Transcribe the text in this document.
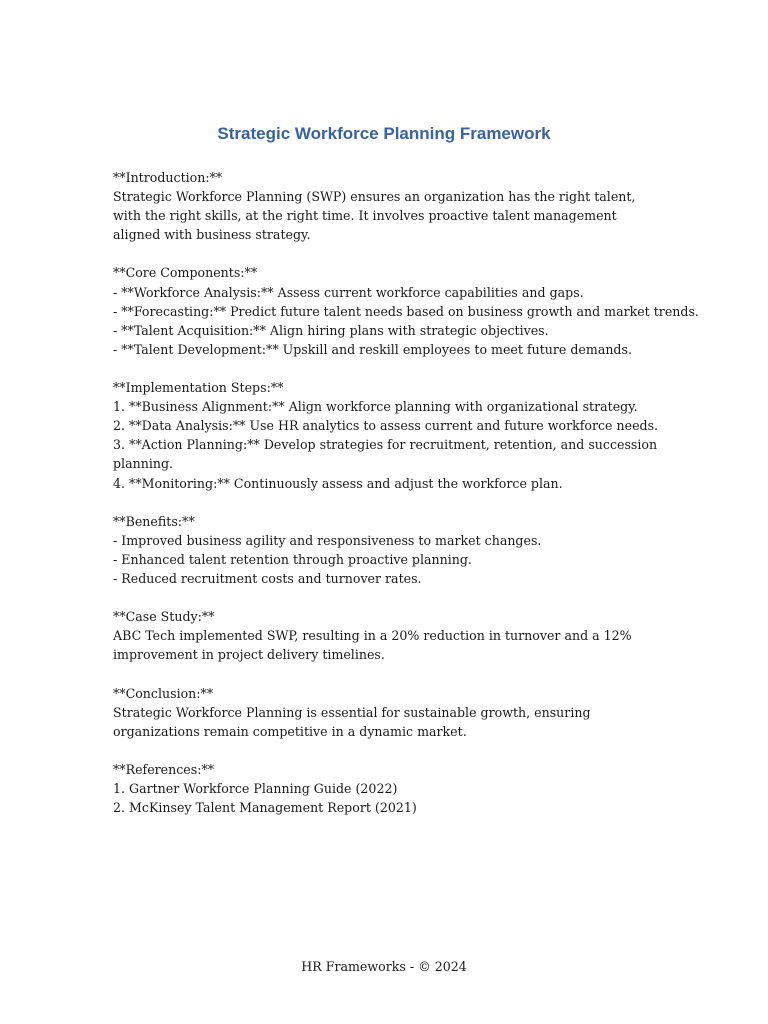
Strategic Workforce Planning Framework
**Introduction:**
Strategic Workforce Planning (SWP) ensures an organization has the right talent, with the right skills, at the right time. It involves proactive talent management aligned with business strategy.
**Core Components:**
- **Workforce Analysis:** Assess current workforce capabilities and gaps.
- **Forecasting:** Predict future talent needs based on business growth and market trends.
- **Talent Acquisition:** Align hiring plans with strategic objectives.
- **Talent Development:** Upskill and reskill employees to meet future demands.
**Implementation Steps:**
1. **Business Alignment:** Align workforce planning with organizational strategy.
2. **Data Analysis:** Use HR analytics to assess current and future workforce needs.
3. **Action Planning:** Develop strategies for recruitment, retention, and succession planning.
4. **Monitoring:** Continuously assess and adjust the workforce plan.
**Benefits:**
- Improved business agility and responsiveness to market changes.
- Enhanced talent retention through proactive planning.
- Reduced recruitment costs and turnover rates.
**Case Study:**
ABC Tech implemented SWP, resulting in a 20% reduction in turnover and a 12% improvement in project delivery timelines.
**Conclusion:**
Strategic Workforce Planning is essential for sustainable growth, ensuring organizations remain competitive in a dynamic market.
**References:**
1. Gartner Workforce Planning Guide (2022)
2. McKinsey Talent Management Report (2021)
HR Frameworks - © 2024
